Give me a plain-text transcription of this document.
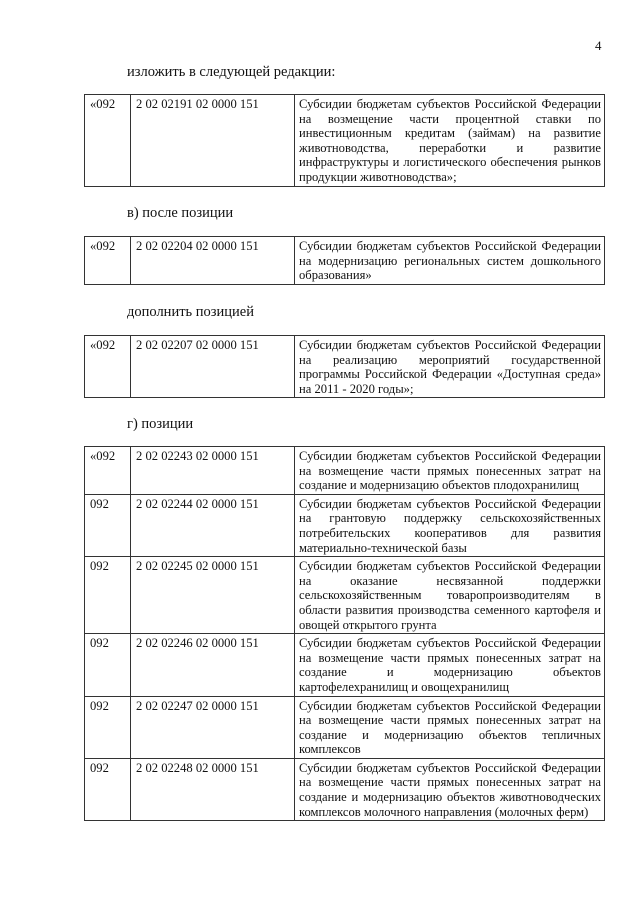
4
изложить в следующей редакции:
«092	2 02 02191 02 0000 151	Субсидии бюджетам субъектов Российской Федерации на возмещение части процентной ставки по инвестиционным кредитам (займам) на развитие животноводства, переработки и развитие инфраструктуры и логистического обеспечения рынков продукции животноводства»;
в) после позиции
«092	2 02 02204 02 0000 151	Субсидии бюджетам субъектов Российской Федерации на модернизацию региональных систем дошкольного образования»
дополнить позицией
«092	2 02 02207 02 0000 151	Субсидии бюджетам субъектов Российской Федерации на реализацию мероприятий государственной программы Российской Федерации «Доступная среда» на 2011 - 2020 годы»;
г) позиции
«092	2 02 02243 02 0000 151	Субсидии бюджетам субъектов Российской Федерации на возмещение части прямых понесенных затрат на создание и модернизацию объектов плодохранилищ
092	2 02 02244 02 0000 151	Субсидии бюджетам субъектов Российской Федерации на грантовую поддержку сельскохозяйственных потребительских кооперативов для развития материально-технической базы
092	2 02 02245 02 0000 151	Субсидии бюджетам субъектов Российской Федерации на оказание несвязанной поддержки сельскохозяйственным товаропроизводителям в области развития производства семенного картофеля и овощей открытого грунта
092	2 02 02246 02 0000 151	Субсидии бюджетам субъектов Российской Федерации на возмещение части прямых понесенных затрат на создание и модернизацию объектов картофелехранилищ и овощехранилищ
092	2 02 02247 02 0000 151	Субсидии бюджетам субъектов Российской Федерации на возмещение части прямых понесенных затрат на создание и модернизацию объектов тепличных комплексов
092	2 02 02248 02 0000 151	Субсидии бюджетам субъектов Российской Федерации на возмещение части прямых понесенных затрат на создание и модернизацию объектов животноводческих комплексов молочного направления (молочных ферм)
